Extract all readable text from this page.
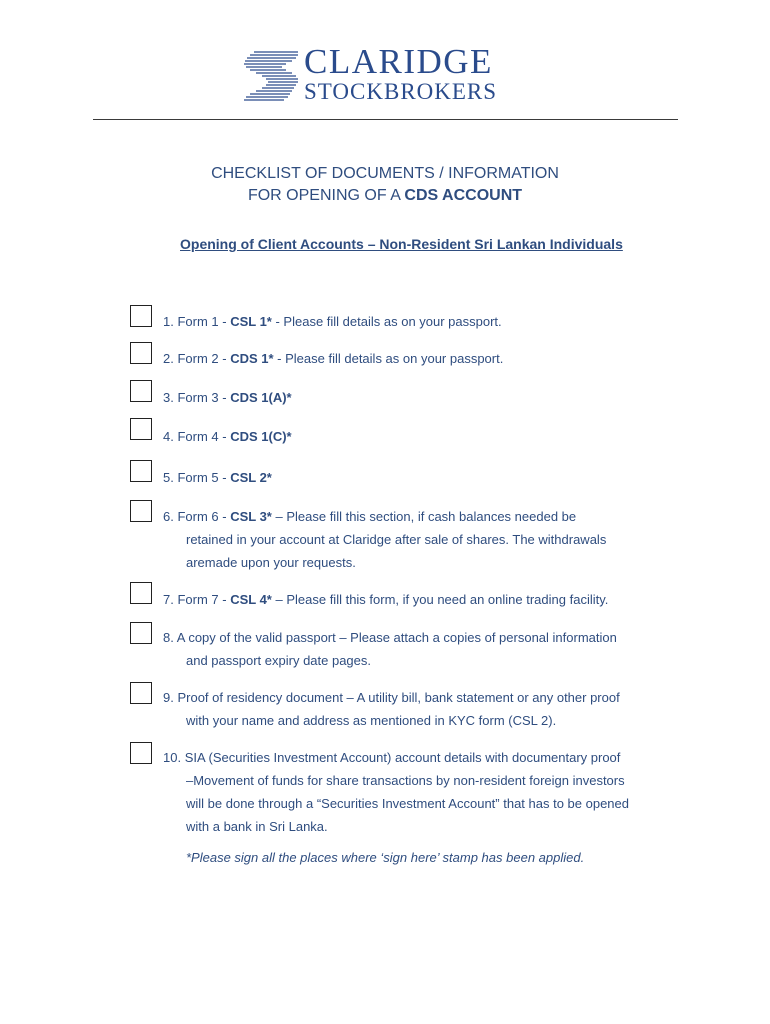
CLARIDGE
STOCKBROKERS
CHECKLIST OF DOCUMENTS / INFORMATION
FOR OPENING OF A CDS ACCOUNT
Opening of Client Accounts – Non-Resident Sri Lankan Individuals
1. Form 1 - CSL 1* - Please fill details as on your passport.
2. Form 2 - CDS 1* - Please fill details as on your passport.
3. Form 3 - CDS 1(A)*
4. Form 4 - CDS 1(C)*
5. Form 5 - CSL 2*
6. Form 6 - CSL 3* – Please fill this section, if cash balances needed be
retained in your account at Claridge after sale of shares. The withdrawals
aremade upon your requests.
7. Form 7 - CSL 4* – Please fill this form, if you need an online trading facility.
8. A copy of the valid passport – Please attach a copies of personal information
and passport expiry date pages.
9. Proof of residency document – A utility bill, bank statement or any other proof
with your name and address as mentioned in KYC form (CSL 2).
10. SIA (Securities Investment Account) account details with documentary proof
–Movement of funds for share transactions by non-resident foreign investors
will be done through a “Securities Investment Account” that has to be opened
with a bank in Sri Lanka.
*Please sign all the places where ‘sign here’ stamp has been applied.
